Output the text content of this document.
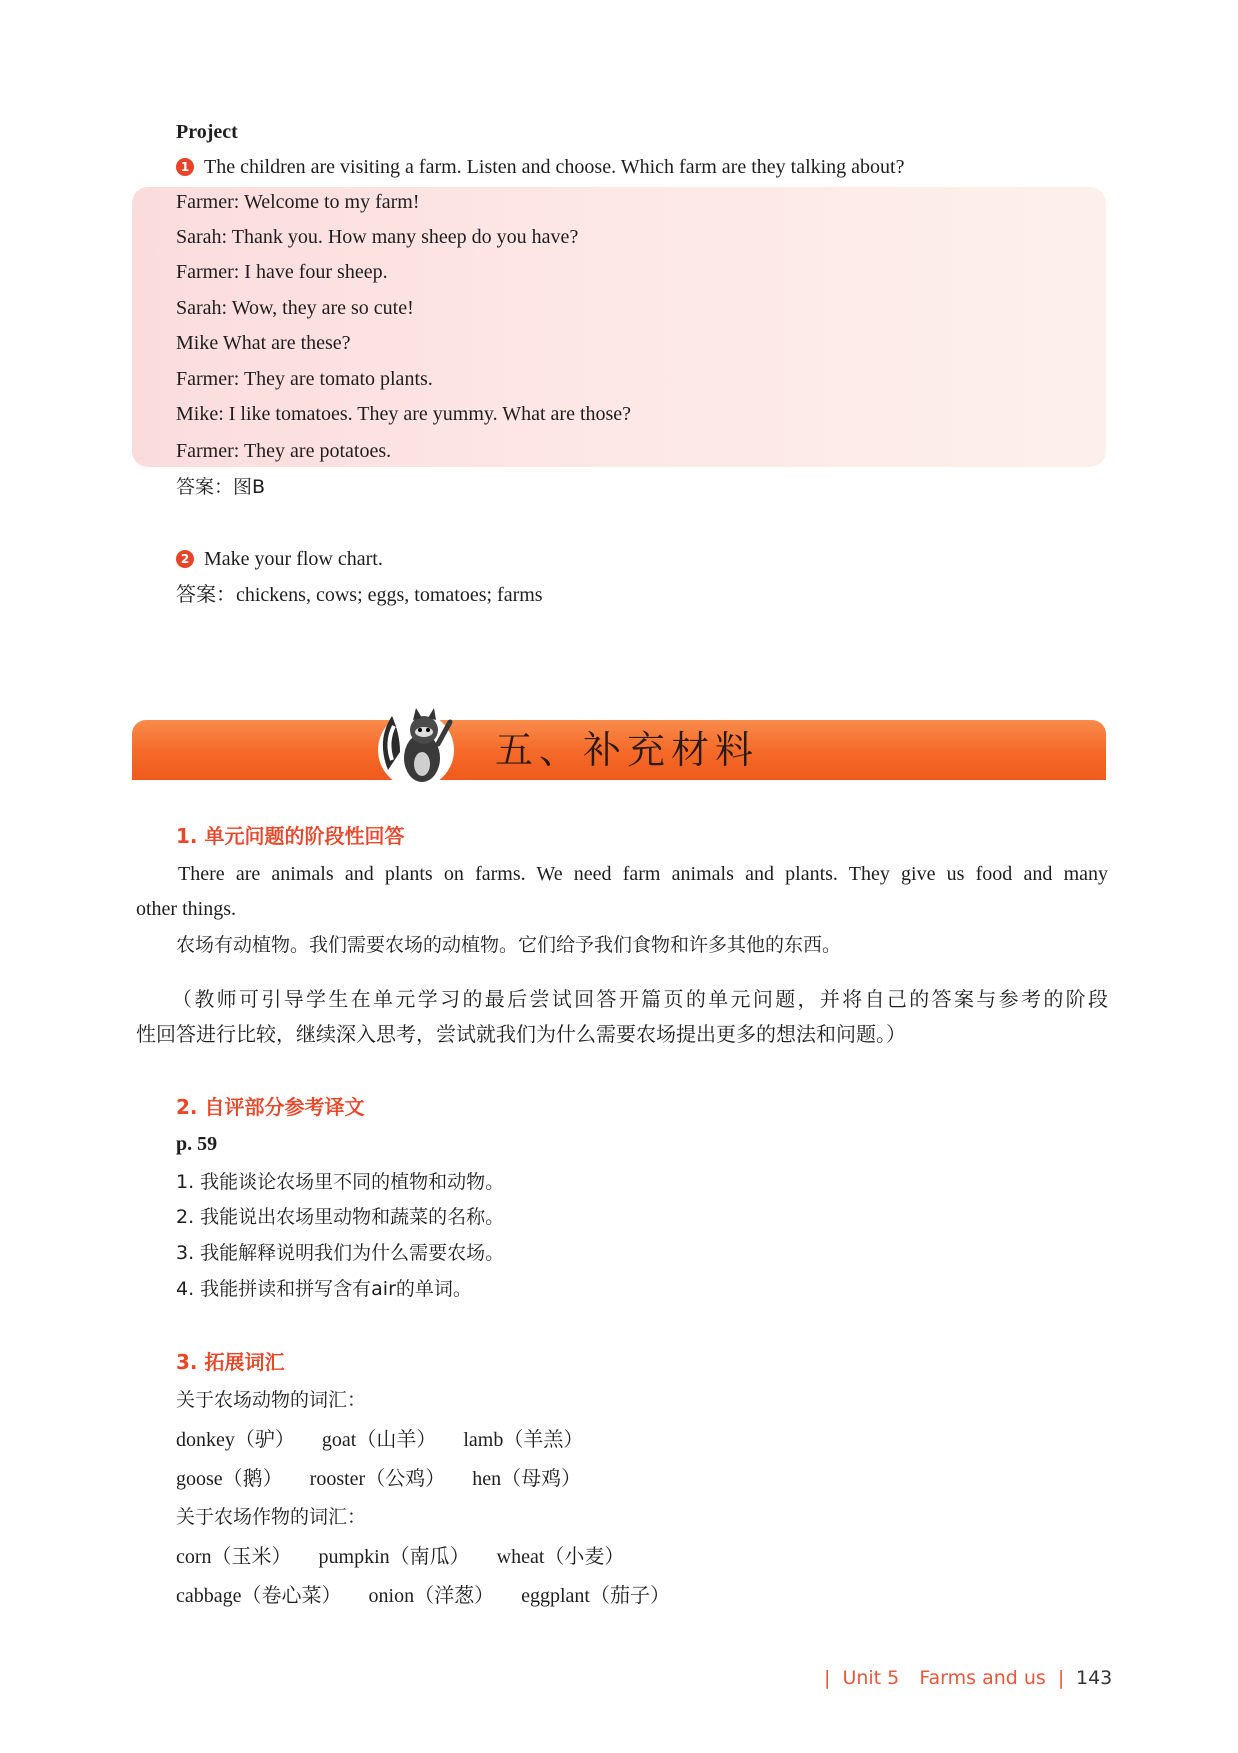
Project
1 The children are visiting a farm. Listen and choose. Which farm are they talking about?
Farmer: Welcome to my farm!
Sarah: Thank you. How many sheep do you have?
Farmer: I have four sheep.
Sarah: Wow, they are so cute!
Mike What are these?
Farmer: They are tomato plants.
Mike: I like tomatoes. They are yummy. What are those?
Farmer: They are potatoes.
答案：图B
2 Make your flow chart.
答案：chickens, cows; eggs, tomatoes; farms
五、补充材料
1. 单元问题的阶段性回答
There are animals and plants on farms. We need farm animals and plants. They give us food and many
other things.
农场有动植物。我们需要农场的动植物。它们给予我们食物和许多其他的东西。
（教师可引导学生在单元学习的最后尝试回答开篇页的单元问题，并将自己的答案与参考的阶段
性回答进行比较，继续深入思考，尝试就我们为什么需要农场提出更多的想法和问题。）
2. 自评部分参考译文
p. 59
1. 我能谈论农场里不同的植物和动物。
2. 我能说出农场里动物和蔬菜的名称。
3. 我能解释说明我们为什么需要农场。
4. 我能拼读和拼写含有air的单词。
3. 拓展词汇
关于农场动物的词汇：
donkey（驴） goat（山羊） lamb（羊羔）
goose（鹅） rooster（公鸡） hen（母鸡）
关于农场作物的词汇：
corn（玉米） pumpkin（南瓜） wheat（小麦）
cabbage（卷心菜） onion（洋葱） eggplant（茄子）
| Unit 5 Farms and us | 143
